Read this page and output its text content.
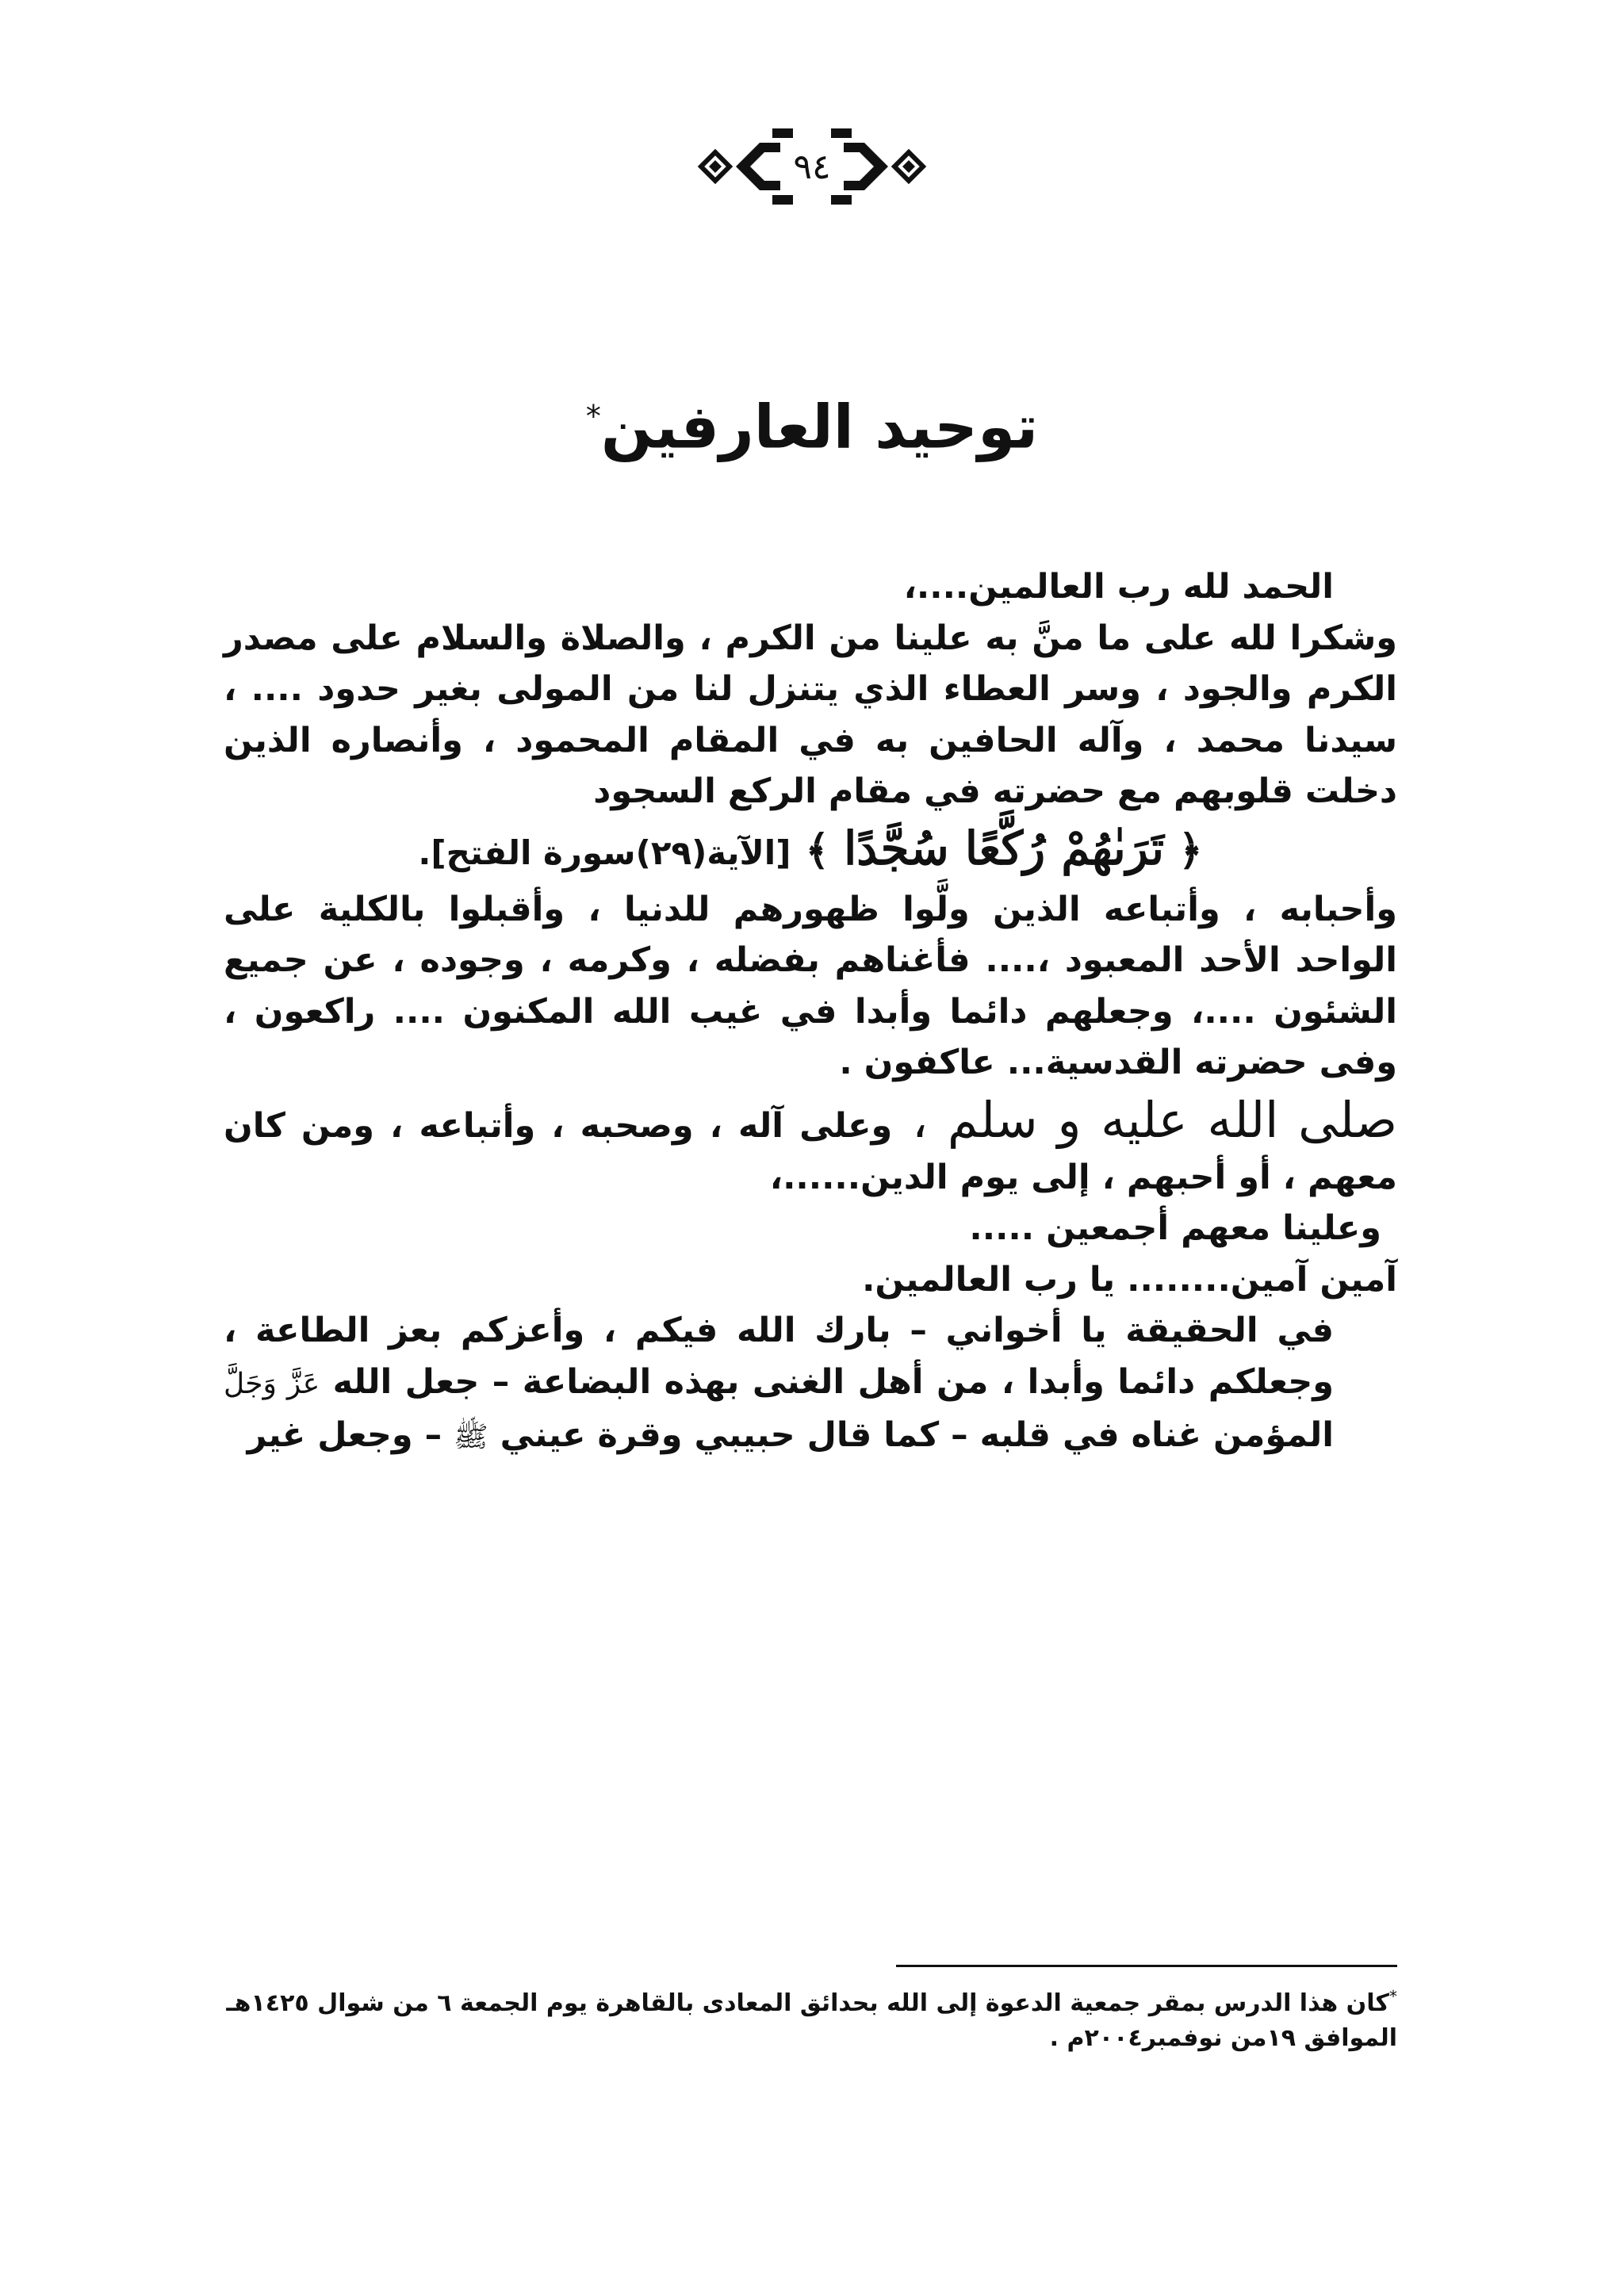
٩٤
توحيد العارفين*

الحمد لله رب العالمين....،

وشكرا لله على ما منَّ به علينا من الكرم ، والصلاة والسلام على مصدر الكرم والجود ، وسر العطاء الذي يتنزل لنا من المولى بغير حدود .... ، سيدنا محمد ، وآله الحافين به في المقام المحمود ، وأنصاره الذين دخلت قلوبهم مع حضرته في مقام الركع السجود

﴿ تَرَىٰهُمْ رُكَّعًا سُجَّدًا ﴾ [الآية(٢٩)سورة الفتح].

وأحبابه ، وأتباعه الذين ولَّوا ظهورهم للدنيا ، وأقبلوا بالكلية على الواحد الأحد المعبود ،.... فأغناهم بفضله ، وكرمه ، وجوده ، عن جميع الشئون ....، وجعلهم دائما وأبدا في غيب الله المكنون .... راكعون ، وفى حضرته القدسية... عاكفون .

صلى الله عليه و سلم ، وعلى آله ، وصحبه ، وأتباعه ، ومن كان معهم ، أو أحبهم ، إلى يوم الدين......،

وعلينا معهم أجمعين .....

آمين آمين........ يا رب العالمين.

في الحقيقة يا أخواني – بارك الله فيكم ، وأعزكم بعز الطاعة ، وجعلكم دائما وأبدا ، من أهل الغنى بهذه البضاعة – جعل الله عَزَّ وَجَلَّ المؤمن غناه في قلبه – كما قال حبيبي وقرة عيني ﷺ – وجعل غير

*كان هذا الدرس بمقر جمعية الدعوة إلى الله بحدائق المعادى بالقاهرة يوم الجمعة ٦ من شوال ١٤٢٥هـ

الموافق ١٩من نوفمبر٢٠٠٤م .
